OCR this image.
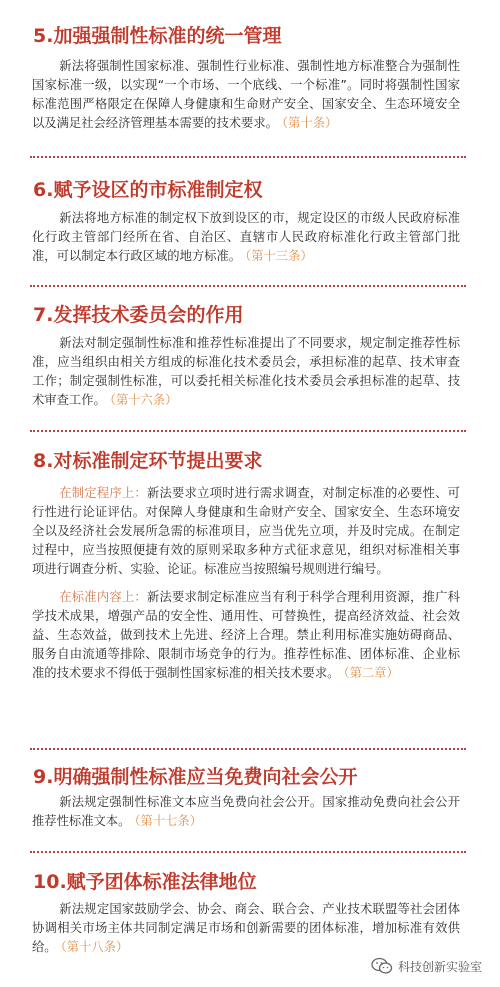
5.加强强制性标准的统一管理

新法将强制性国家标准、强制性行业标准、强制性地方标准整合为强制性国家标准一级，以实现“一个市场、一个底线、一个标准”。同时将强制性国家标准范围严格限定在保障人身健康和生命财产安全、国家安全、生态环境安全以及满足社会经济管理基本需要的技术要求。 （第十条）

6.赋予设区的市标准制定权

新法将地方标准的制定权下放到设区的市，规定设区的市级人民政府标准化行政主管部门经所在省、自治区、直辖市人民政府标准化行政主管部门批准，可以制定本行政区域的地方标准。 （第十三条）

7.发挥技术委员会的作用

新法对制定强制性标准和推荐性标准提出了不同要求，规定制定推荐性标准，应当组织由相关方组成的标准化技术委员会，承担标准的起草、技术审查工作；制定强制性标准，可以委托相关标准化技术委员会承担标准的起草、技术审查工作。 （第十六条）

8.对标准制定环节提出要求

在制定程序上：新法要求立项时进行需求调查，对制定标准的必要性、可行性进行论证评估。对保障人身健康和生命财产安全、国家安全、生态环境安全以及经济社会发展所急需的标准项目，应当优先立项，并及时完成。在制定过程中，应当按照便捷有效的原则采取多种方式征求意见，组织对标准相关事项进行调查分析、实验、论证。标准应当按照编号规则进行编号。

在标准内容上：新法要求制定标准应当有利于科学合理利用资源，推广科学技术成果，增强产品的安全性、通用性、可替换性，提高经济效益、社会效益、生态效益，做到技术上先进、经济上合理。禁止利用标准实施妨碍商品、服务自由流通等排除、限制市场竞争的行为。推荐性标准、团体标准、企业标准的技术要求不得低于强制性国家标准的相关技术要求。 （第二章）

9.明确强制性标准应当免费向社会公开

新法规定强制性标准文本应当免费向社会公开。国家推动免费向社会公开推荐性标准文本。 （第十七条）

10.赋予团体标准法律地位

新法规定国家鼓励学会、协会、商会、联合会、产业技术联盟等社会团体协调相关市场主体共同制定满足市场和创新需要的团体标准，增加标准有效供给。 （第十八条）

科技创新实验室
